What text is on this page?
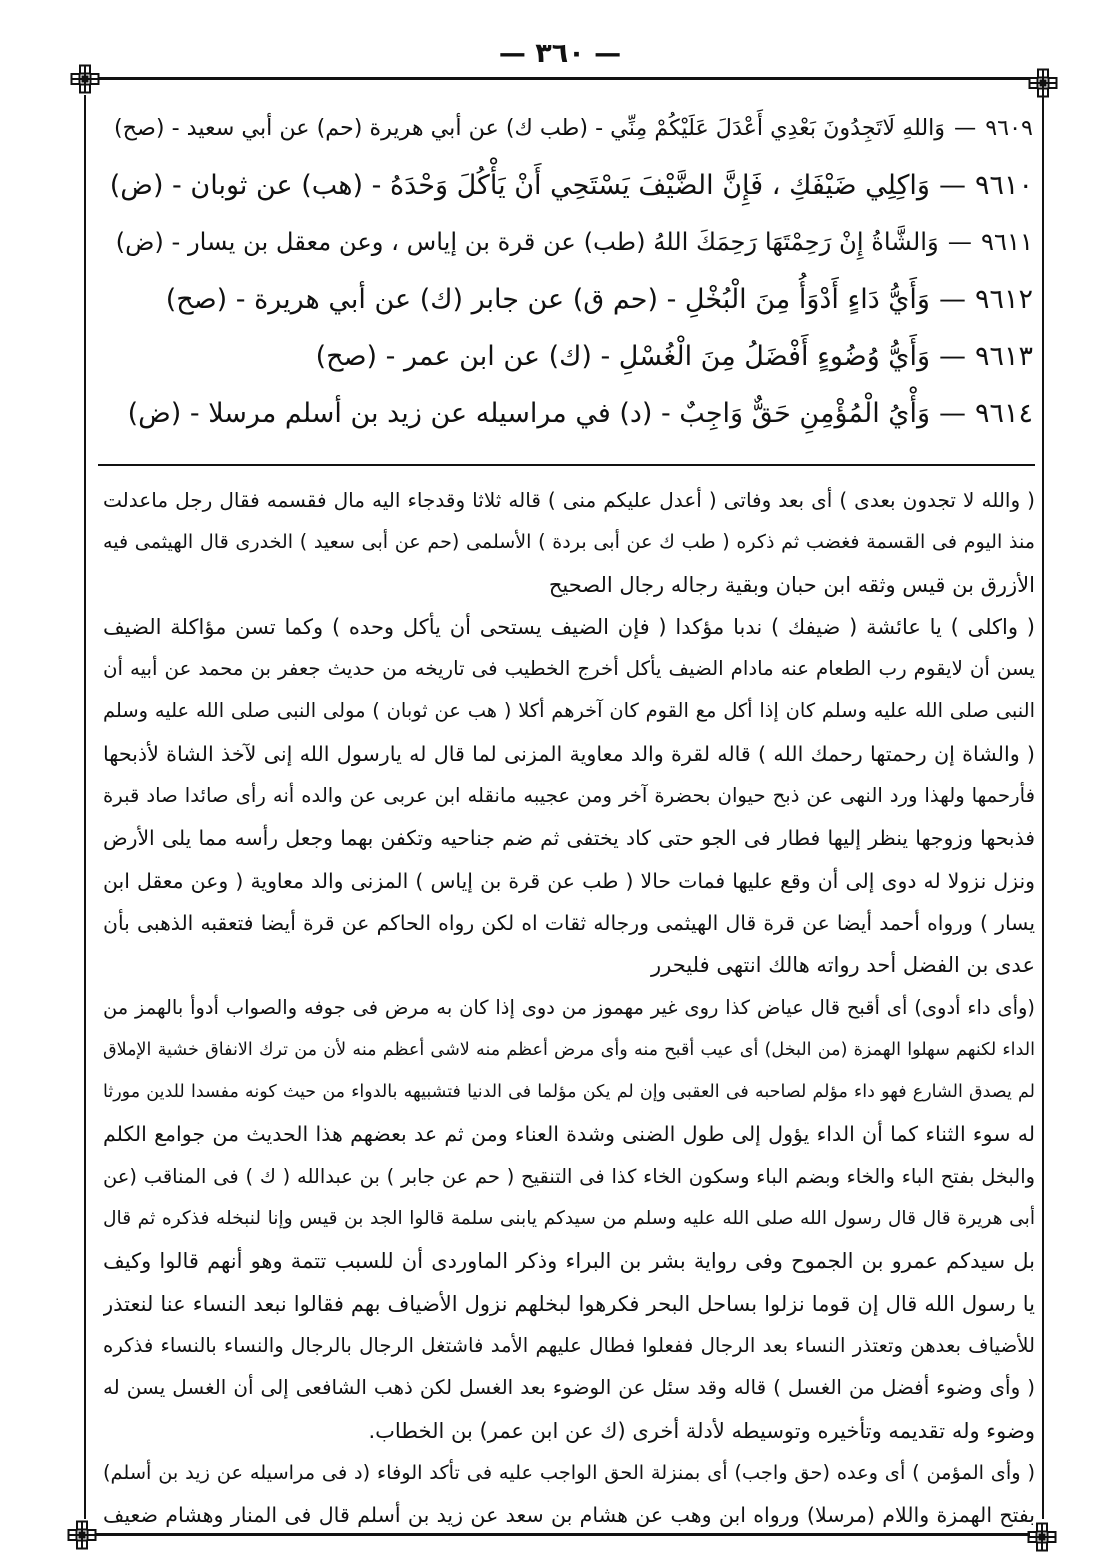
— ٣٦٠ —
٩٦٠٩—وَاللهِ لَاتَجِدُونَ بَعْدِي أَعْدَلَ عَلَيْكُمْ مِنِّي - (طب ك) عن أبي هريرة (حم) عن أبي سعيد - (صح)
٩٦١٠—وَاكِلِي ضَيْفَكِ ، فَإِنَّ الضَّيْفَ يَسْتَحِي أَنْ يَأْكُلَ وَحْدَهُ - (هب) عن ثوبان - (ض)
٩٦١١—وَالشَّاةُ إِنْ رَحِمْتَهَا رَحِمَكَ اللهُ (طب) عن قرة بن إياس ، وعن معقل بن يسار - (ض)
٩٦١٢—وَأَيُّ دَاءٍ أَدْوَأُ مِنَ الْبُخْلِ - (حم ق) عن جابر (ك) عن أبي هريرة - (صح)
٩٦١٣—وَأَيُّ وُضُوءٍ أَفْضَلُ مِنَ الْغُسْلِ - (ك) عن ابن عمر - (صح)
٩٦١٤—وَأْيُ الْمُؤْمِنِ حَقٌّ وَاجِبٌ - (د) في مراسيله عن زيد بن أسلم مرسلا - (ض)
( والله لا تجدون بعدى ) أى بعد وفاتى ( أعدل عليكم منى ) قاله ثلاثا وقدجاء اليه مال فقسمه فقال رجل ماعدلت
منذ اليوم فى القسمة فغضب ثم ذكره ( طب ك عن أبى بردة ) الأسلمى (حم عن أبى سعيد ) الخدرى قال الهيثمى فيه
الأزرق بن قيس وثقه ابن حبان وبقية رجاله رجال الصحيح
( واكلى ) يا عائشة ( ضيفك ) ندبا مؤكدا ( فإن الضيف يستحى أن يأكل وحده ) وكما تسن مؤاكلة الضيف
يسن أن لايقوم رب الطعام عنه مادام الضيف يأكل أخرج الخطيب فى تاريخه من حديث جعفر بن محمد عن أبيه أن
النبى صلى الله عليه وسلم كان إذا أكل مع القوم كان آخرهم أكلا ( هب عن ثوبان ) مولى النبى صلى الله عليه وسلم
( والشاة إن رحمتها رحمك الله ) قاله لقرة والد معاوية المزنى لما قال له يارسول الله إنى لآخذ الشاة لأذبحها
فأرحمها ولهذا ورد النهى عن ذبح حيوان بحضرة آخر ومن عجيبه مانقله ابن عربى عن والده أنه رأى صائدا صاد قبرة
فذبحها وزوجها ينظر إليها فطار فى الجو حتى كاد يختفى ثم ضم جناحيه وتكفن بهما وجعل رأسه مما يلى الأرض
ونزل نزولا له دوى إلى أن وقع عليها فمات حالا ( طب عن قرة بن إياس ) المزنى والد معاوية ( وعن معقل ابن
يسار ) ورواه أحمد أيضا عن قرة قال الهيثمى ورجاله ثقات اه لكن رواه الحاكم عن قرة أيضا فتعقبه الذهبى بأن
عدى بن الفضل أحد رواته هالك انتهى فليحرر
(وأى داء أدوى) أى أقبح قال عياض كذا روى غير مهموز من دوى إذا كان به مرض فى جوفه والصواب أدوأ بالهمز من
الداء لكنهم سهلوا الهمزة (من البخل) أى عيب أقبح منه وأى مرض أعظم منه لاشى أعظم منه لأن من ترك الانفاق خشية الإملاق
لم يصدق الشارع فهو داء مؤلم لصاحبه فى العقبى وإن لم يكن مؤلما فى الدنيا فتشبيهه بالدواء من حيث كونه مفسدا للدين مورثا
له سوء الثناء كما أن الداء يؤول إلى طول الضنى وشدة العناء ومن ثم عد بعضهم هذا الحديث من جوامع الكلم
والبخل بفتح الباء والخاء وبضم الباء وسكون الخاء كذا فى التنقيح ( حم عن جابر ) بن عبدالله ( ك ) فى المناقب (عن
أبى هريرة قال قال رسول الله صلى الله عليه وسلم من سيدكم يابنى سلمة قالوا الجد بن قيس وإنا لنبخله فذكره ثم قال
بل سيدكم عمرو بن الجموح وفى رواية بشر بن البراء وذكر الماوردى أن للسبب تتمة وهو أنهم قالوا وكيف
يا رسول الله قال إن قوما نزلوا بساحل البحر فكرهوا لبخلهم نزول الأضياف بهم فقالوا نبعد النساء عنا لنعتذر
للأضياف بعدهن وتعتذر النساء بعد الرجال ففعلوا فطال عليهم الأمد فاشتغل الرجال بالرجال والنساء بالنساء فذكره
( وأى وضوء أفضل من الغسل ) قاله وقد سئل عن الوضوء بعد الغسل لكن ذهب الشافعى إلى أن الغسل يسن له
وضوء وله تقديمه وتأخيره وتوسيطه لأدلة أخرى (ك عن ابن عمر) بن الخطاب.
( وأى المؤمن ) أى وعده (حق واجب) أى بمنزلة الحق الواجب عليه فى تأكد الوفاء (د فى مراسيله عن زيد بن أسلم)
بفتح الهمزة واللام (مرسلا) ورواه ابن وهب عن هشام بن سعد عن زيد بن أسلم قال فى المنار وهشام ضعيف
